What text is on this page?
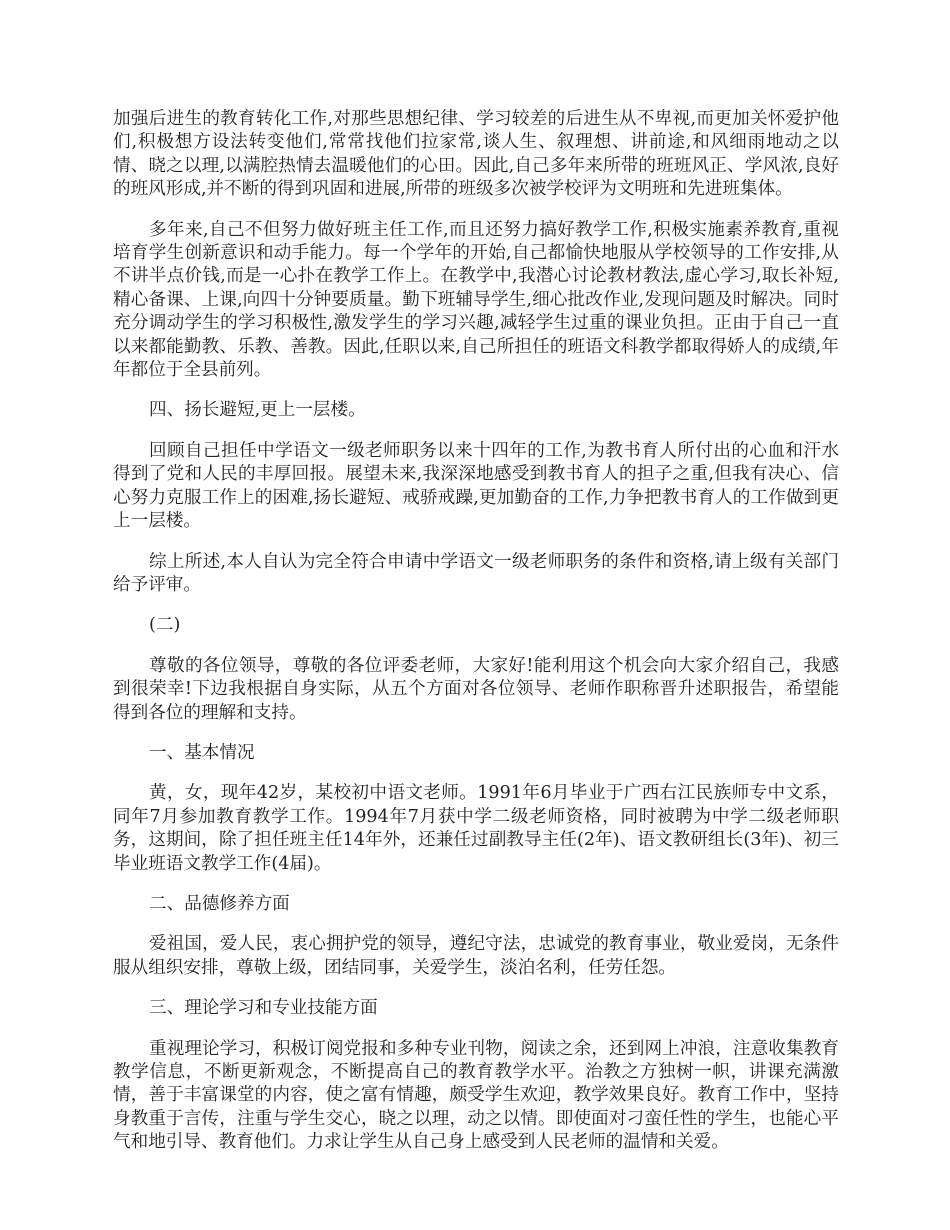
加强后进生的教育转化工作,对那些思想纪律、学习较差的后进生从不卑视,而更加关怀爱护他们,积极想方设法转变他们,常常找他们拉家常,谈人生、叙理想、讲前途,和风细雨地动之以情、晓之以理,以满腔热情去温暖他们的心田。因此,自己多年来所带的班班风正、学风浓,良好的班风形成,并不断的得到巩固和进展,所带的班级多次被学校评为文明班和先进班集体。

多年来,自己不但努力做好班主任工作,而且还努力搞好教学工作,积极实施素养教育,重视培育学生创新意识和动手能力。每一个学年的开始,自己都愉快地服从学校领导的工作安排,从不讲半点价钱,而是一心扑在教学工作上。在教学中,我潜心讨论教材教法,虚心学习,取长补短,精心备课、上课,向四十分钟要质量。勤下班辅导学生,细心批改作业,发现问题及时解决。同时充分调动学生的学习积极性,激发学生的学习兴趣,减轻学生过重的课业负担。正由于自己一直以来都能勤教、乐教、善教。因此,任职以来,自己所担任的班语文科教学都取得娇人的成绩,年年都位于全县前列。

四、扬长避短,更上一层楼。

回顾自己担任中学语文一级老师职务以来十四年的工作,为教书育人所付出的心血和汗水得到了党和人民的丰厚回报。展望未来,我深深地感受到教书育人的担子之重,但我有决心、信心努力克服工作上的困难,扬长避短、戒骄戒躁,更加勤奋的工作,力争把教书育人的工作做到更上一层楼。

综上所述,本人自认为完全符合申请中学语文一级老师职务的条件和资格,请上级有关部门给予评审。

(二)

尊敬的各位领导，尊敬的各位评委老师，大家好!能利用这个机会向大家介绍自己，我感到很荣幸!下边我根据自身实际，从五个方面对各位领导、老师作职称晋升述职报告，希望能得到各位的理解和支持。

一、基本情况

黄，女，现年42岁，某校初中语文老师。1991年6月毕业于广西右江民族师专中文系，同年7月参加教育教学工作。1994年7月获中学二级老师资格，同时被聘为中学二级老师职务，这期间，除了担任班主任14年外，还兼任过副教导主任(2年)、语文教研组长(3年)、初三毕业班语文教学工作(4届)。

二、品德修养方面

爱祖国，爱人民，衷心拥护党的领导，遵纪守法，忠诚党的教育事业，敬业爱岗，无条件服从组织安排，尊敬上级，团结同事，关爱学生，淡泊名利，任劳任怨。

三、理论学习和专业技能方面

重视理论学习，积极订阅党报和多种专业刊物，阅读之余，还到网上冲浪，注意收集教育教学信息，不断更新观念，不断提高自己的教育教学水平。治教之方独树一帜，讲课充满激情，善于丰富课堂的内容，使之富有情趣，颇受学生欢迎，教学效果良好。教育工作中，坚持身教重于言传，注重与学生交心，晓之以理，动之以情。即使面对刁蛮任性的学生，也能心平气和地引导、教育他们。力求让学生从自己身上感受到人民老师的温情和关爱。
